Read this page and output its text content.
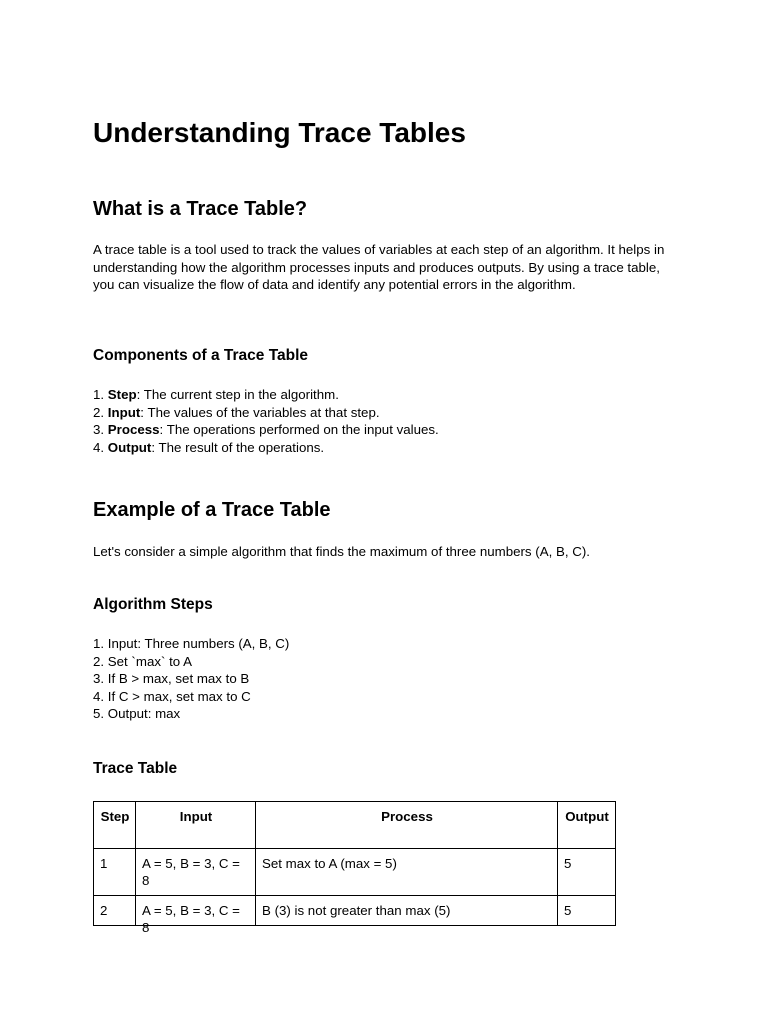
Understanding Trace Tables
What is a Trace Table?

A trace table is a tool used to track the values of variables at each step of an algorithm. It helps in understanding how the algorithm processes inputs and produces outputs. By using a trace table, you can visualize the flow of data and identify any potential errors in the algorithm.

Components of a Trace Table
1. Step: The current step in the algorithm.
2. Input: The values of the variables at that step.
3. Process: The operations performed on the input values.
4. Output: The result of the operations.
Example of a Trace Table

Let's consider a simple algorithm that finds the maximum of three numbers (A, B, C).

Algorithm Steps
1. Input: Three numbers (A, B, C)
2. Set `max` to A
3. If B > max, set max to B
4. If C > max, set max to C
5. Output: max
Trace Table
Step	Input	Process	Output
1	A = 5, B = 3, C = 8	Set max to A (max = 5)	5
2	A = 5, B = 3, C = 8	B (3) is not greater than max (5)	5
